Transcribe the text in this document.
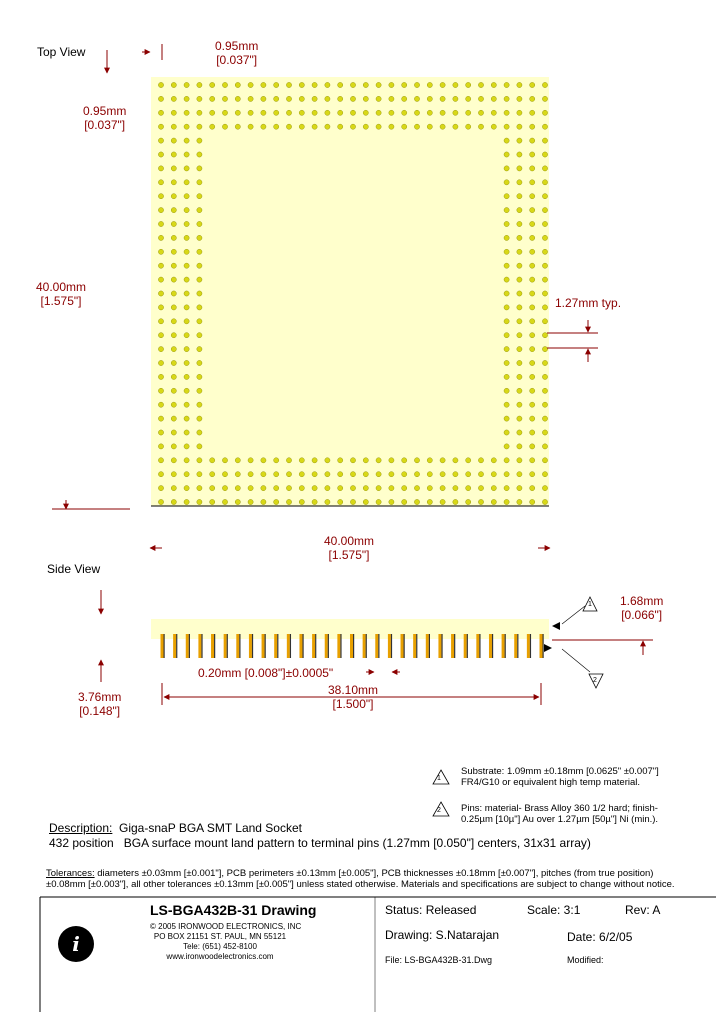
Top View
Side View
0.95mm
[0.037"]
0.95mm
[0.037"]
40.00mm
[1.575"]
40.00mm
[1.575"]
1.27mm typ.
1.68mm
[0.066"]
3.76mm
[0.148"]
0.20mm [0.008"]±0.0005"
38.10mm
[1.500"]
1
2
1
2
Substrate: 1.09mm ±0.18mm [0.0625" ±0.007"]
FR4/G10 or equivalent high temp material.
Pins: material- Brass Alloy 360 1/2 hard; finish-
0.25µm [10µ"] Au over 1.27µm [50µ"] Ni (min.).
Description: Giga-snaP BGA SMT Land Socket
432 position BGA surface mount land pattern to terminal pins (1.27mm [0.050"] centers, 31x31 array)
Tolerances: diameters ±0.03mm [±0.001"], PCB perimeters ±0.13mm [±0.005"], PCB thicknesses ±0.18mm [±0.007"], pitches (from true position)
±0.08mm [±0.003"], all other tolerances ±0.13mm [±0.005"] unless stated otherwise. Materials and specifications are subject to change without notice.
LS-BGA432B-31 Drawing
© 2005 IRONWOOD ELECTRONICS, INC
PO BOX 21151 ST. PAUL, MN 55121
Tele: (651) 452-8100
www.ironwoodelectronics.com
i
Status: Released	Scale: 3:1	Rev: A
Drawing: S.Natarajan	Date: 6/2/05
File: LS-BGA432B-31.Dwg	Modified:
